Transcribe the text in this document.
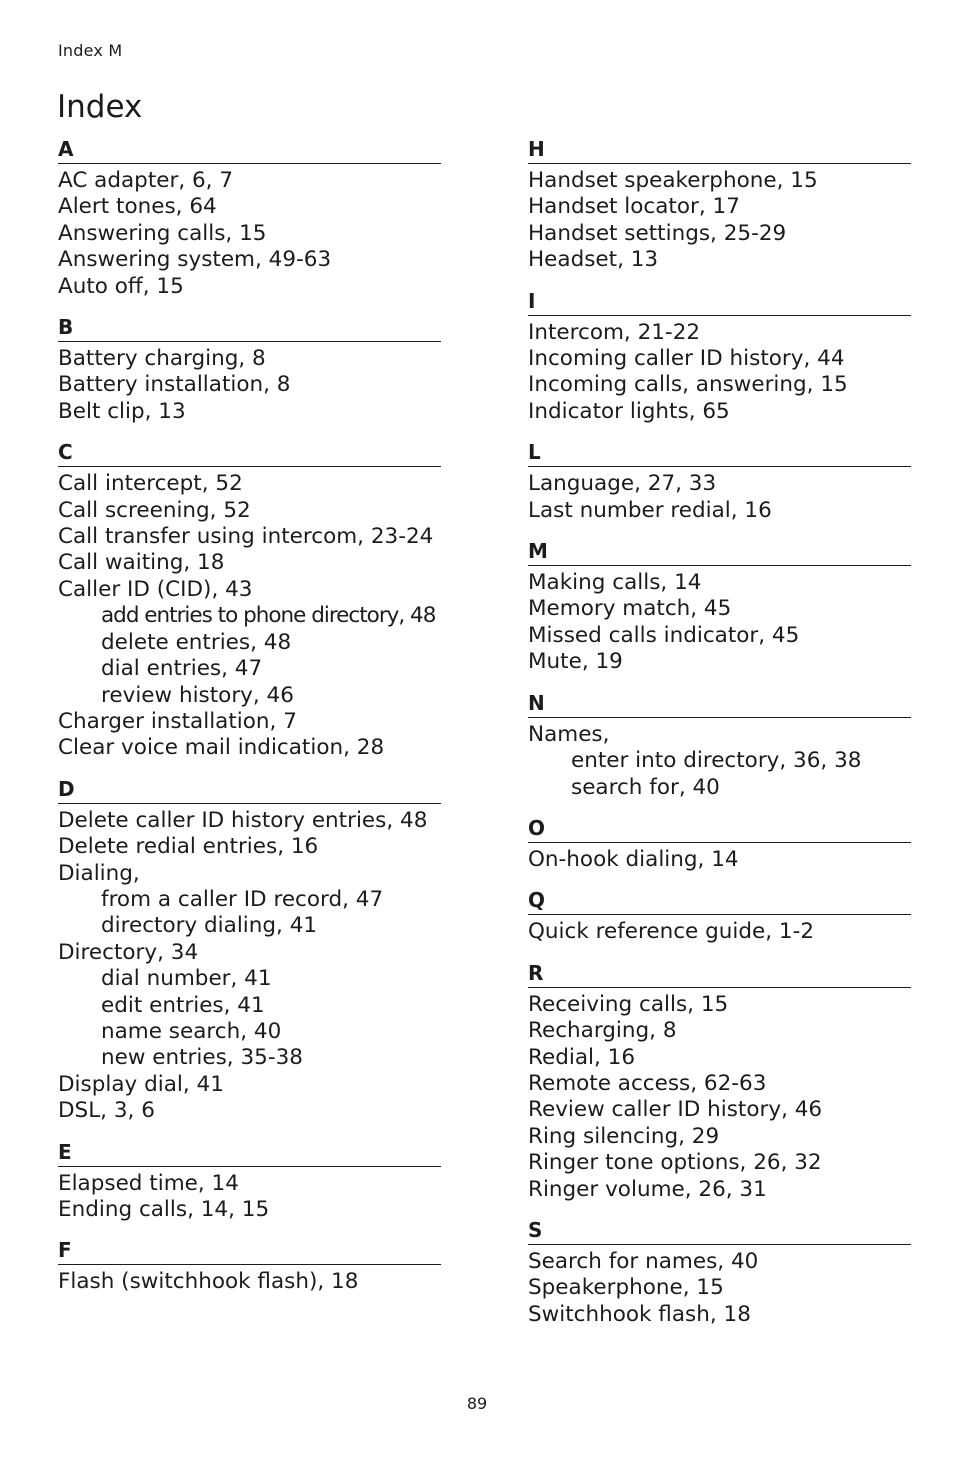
Index M
Index
A
AC adapter, 6, 7
Alert tones, 64
Answering calls, 15
Answering system, 49-63
Auto off, 15
B
Battery charging, 8
Battery installation, 8
Belt clip, 13
C
Call intercept, 52
Call screening, 52
Call transfer using intercom, 23-24
Call waiting, 18
Caller ID (CID), 43
add entries to phone directory, 48
delete entries, 48
dial entries, 47
review history, 46
Charger installation, 7
Clear voice mail indication, 28
D
Delete caller ID history entries, 48
Delete redial entries, 16
Dialing,
from a caller ID record, 47
directory dialing, 41
Directory, 34
dial number, 41
edit entries, 41
name search, 40
new entries, 35-38
Display dial, 41
DSL, 3, 6
E
Elapsed time, 14
Ending calls, 14, 15
F
Flash (switchhook flash), 18
H
Handset speakerphone, 15
Handset locator, 17
Handset settings, 25-29
Headset, 13
I
Intercom, 21-22
Incoming caller ID history, 44
Incoming calls, answering, 15
Indicator lights, 65
L
Language, 27, 33
Last number redial, 16
M
Making calls, 14
Memory match, 45
Missed calls indicator, 45
Mute, 19
N
Names,
enter into directory, 36, 38
search for, 40
O
On-hook dialing, 14
Q
Quick reference guide, 1-2
R
Receiving calls, 15
Recharging, 8
Redial, 16
Remote access, 62-63
Review caller ID history, 46
Ring silencing, 29
Ringer tone options, 26, 32
Ringer volume, 26, 31
S
Search for names, 40
Speakerphone, 15
Switchhook flash, 18
89
